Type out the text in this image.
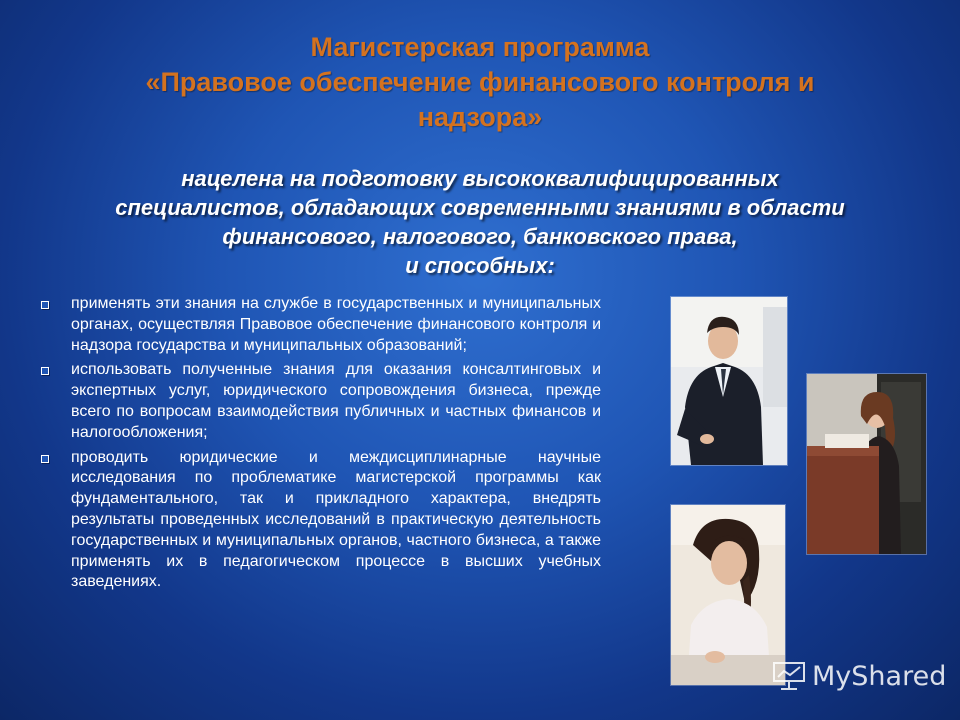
Магистерская программа
«Правовое обеспечение финансового контроля и
надзора»
нацелена на подготовку высококвалифицированных
специалистов, обладающих современными знаниями в области
финансового, налогового, банковского права,
и способных:
применять эти знания на службе в государственных и муниципальных органах, осуществляя Правовое обеспечение финансового контроля и надзора государства и муниципальных образований;
использовать полученные знания для оказания консалтинговых и экспертных услуг, юридического сопровождения бизнеса, прежде всего по вопросам взаимодействия публичных и частных финансов и налогообложения;
проводить юридические и междисциплинарные научные исследования по проблематике магистерской программы как фундаментального, так и прикладного характера, внедрять результаты проведенных исследований в практическую деятельность государственных и муниципальных органов, частного бизнеса, а также применять их в педагогическом процессе в высших учебных заведениях.
MyShared
